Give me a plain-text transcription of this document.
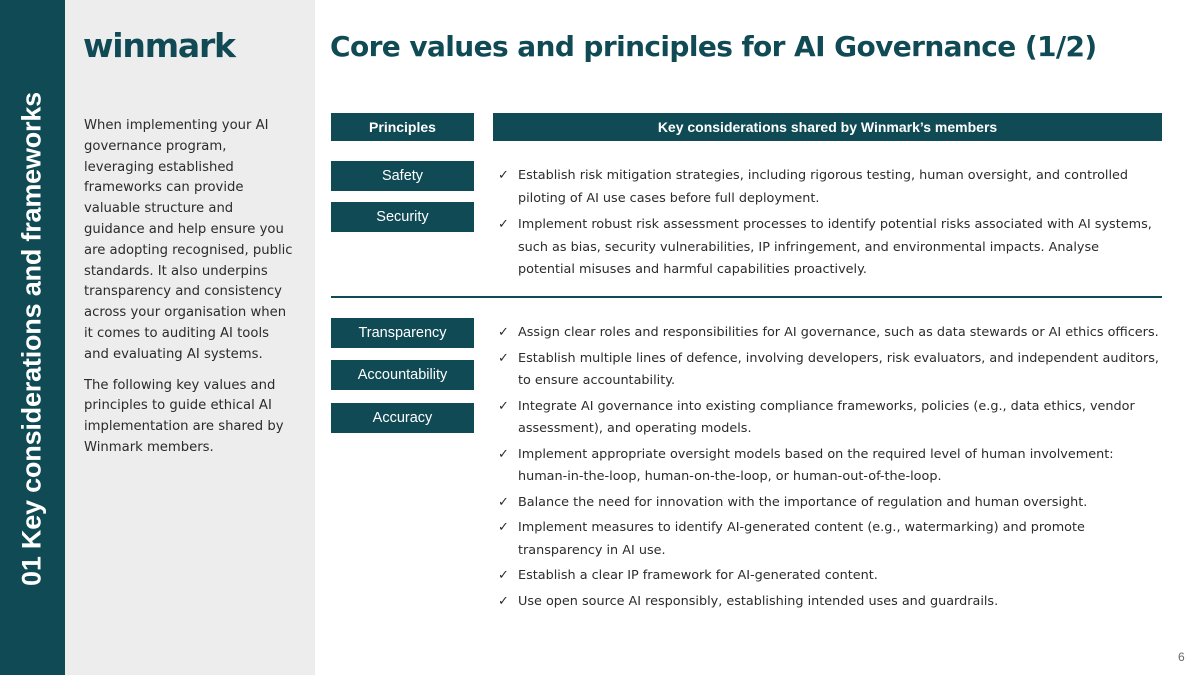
01 Key considerations and frameworks
winmark

When implementing your AI governance program, leveraging established frameworks can provide valuable structure and guidance and help ensure you are adopting recognised, public standards. It also underpins transparency and consistency across your organisation when it comes to auditing AI tools and evaluating AI systems.

The following key values and principles to guide ethical AI implementation are shared by Winmark members.

Core values and principles for AI Governance (1/2)
Principles	Key considerations shared by Winmark’s members
Safety
Security
✓ Establish risk mitigation strategies, including rigorous testing, human oversight, and controlled piloting of AI use cases before full deployment.
✓ Implement robust risk assessment processes to identify potential risks associated with AI systems, such as bias, security vulnerabilities, IP infringement, and environmental impacts. Analyse potential misuses and harmful capabilities proactively.
Transparency
Accountability
Accuracy
✓ Assign clear roles and responsibilities for AI governance, such as data stewards or AI ethics officers.
✓ Establish multiple lines of defence, involving developers, risk evaluators, and independent auditors, to ensure accountability.
✓ Integrate AI governance into existing compliance frameworks, policies (e.g., data ethics, vendor assessment), and operating models.
✓ Implement appropriate oversight models based on the required level of human involvement: human-in-the-loop, human-on-the-loop, or human-out-of-the-loop.
✓ Balance the need for innovation with the importance of regulation and human oversight.
✓ Implement measures to identify AI-generated content (e.g., watermarking) and promote transparency in AI use.
✓ Establish a clear IP framework for AI-generated content.
✓ Use open source AI responsibly, establishing intended uses and guardrails.
6
